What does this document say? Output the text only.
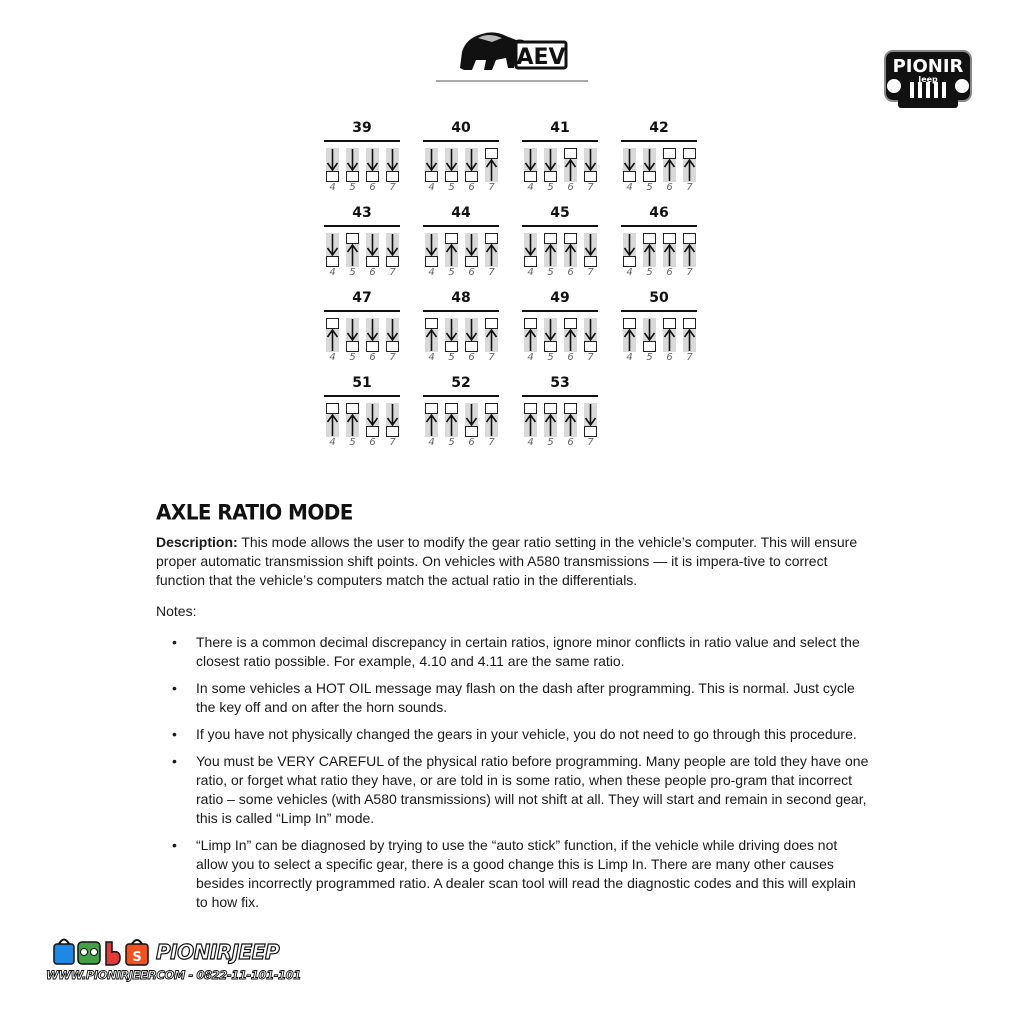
AEV	PIONIR
Jeep
39
4	5	6	7
40
4	5	6	7
41
4	5	6	7
42
4	5	6	7
43
4	5	6	7
44
4	5	6	7
45
4	5	6	7
46
4	5	6	7
47
4	5	6	7
48
4	5	6	7
49
4	5	6	7
50
4	5	6	7
51
4	5	6	7
52
4	5	6	7
53
4	5	6	7
AXLE RATIO MODE

Description: This mode allows the user to modify the gear ratio setting in the vehicle’s computer. This will ensure proper automatic transmission shift points. On vehicles with A580 transmissions — it is impera-tive to correct function that the vehicle’s computers match the actual ratio in the differentials.

Notes:

• There is a common decimal discrepancy in certain ratios, ignore minor conflicts in ratio value and select the closest ratio possible. For example, 4.10 and 4.11 are the same ratio.
• In some vehicles a HOT OIL message may flash on the dash after programming. This is normal. Just cycle the key off and on after the horn sounds.
• If you have not physically changed the gears in your vehicle, you do not need to go through this procedure.
• You must be VERY CAREFUL of the physical ratio before programming. Many people are told they have one ratio, or forget what ratio they have, or are told in is some ratio, when these people pro-gram that incorrect ratio – some vehicles (with A580 transmissions) will not shift at all. They will start and remain in second gear, this is called “Limp In” mode.
• “Limp In” can be diagnosed by trying to use the “auto stick” function, if the vehicle while driving does not allow you to select a specific gear, there is a good change this is Limp In. There are many other causes besides incorrectly programmed ratio. A dealer scan tool will read the diagnostic codes and this will explain to how fix.
S PIONIRJEEP
WWW.PIONIRJEEP.COM - 0822-11-101-101
